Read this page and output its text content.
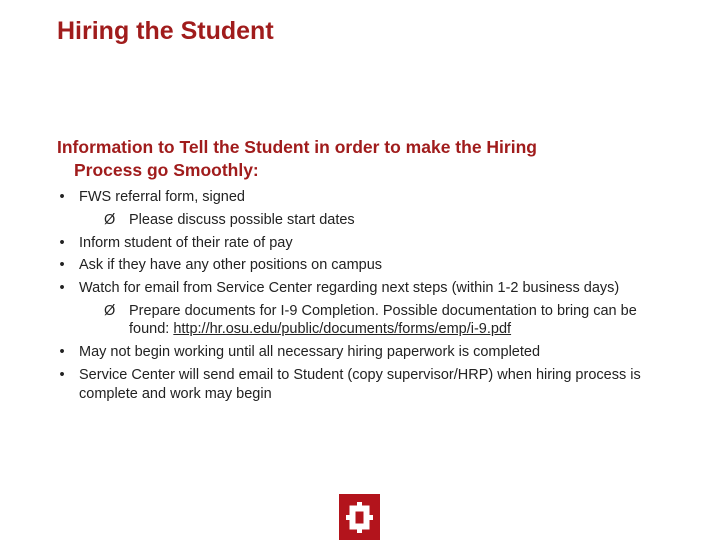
Hiring the Student
Information to Tell the Student in order to make the Hiring
Process go Smoothly:
• FWS referral form, signed
Ø Please discuss possible start dates
• Inform student of their rate of pay
• Ask if they have any other positions on campus
• Watch for email from Service Center regarding next steps (within 1-2 business days)
Ø Prepare documents for I-9 Completion. Possible documentation to bring can be found: http://hr.osu.edu/public/documents/forms/emp/i-9.pdf
• May not begin working until all necessary hiring paperwork is completed
• Service Center will send email to Student (copy supervisor/HRP) when hiring process is complete and work may begin
